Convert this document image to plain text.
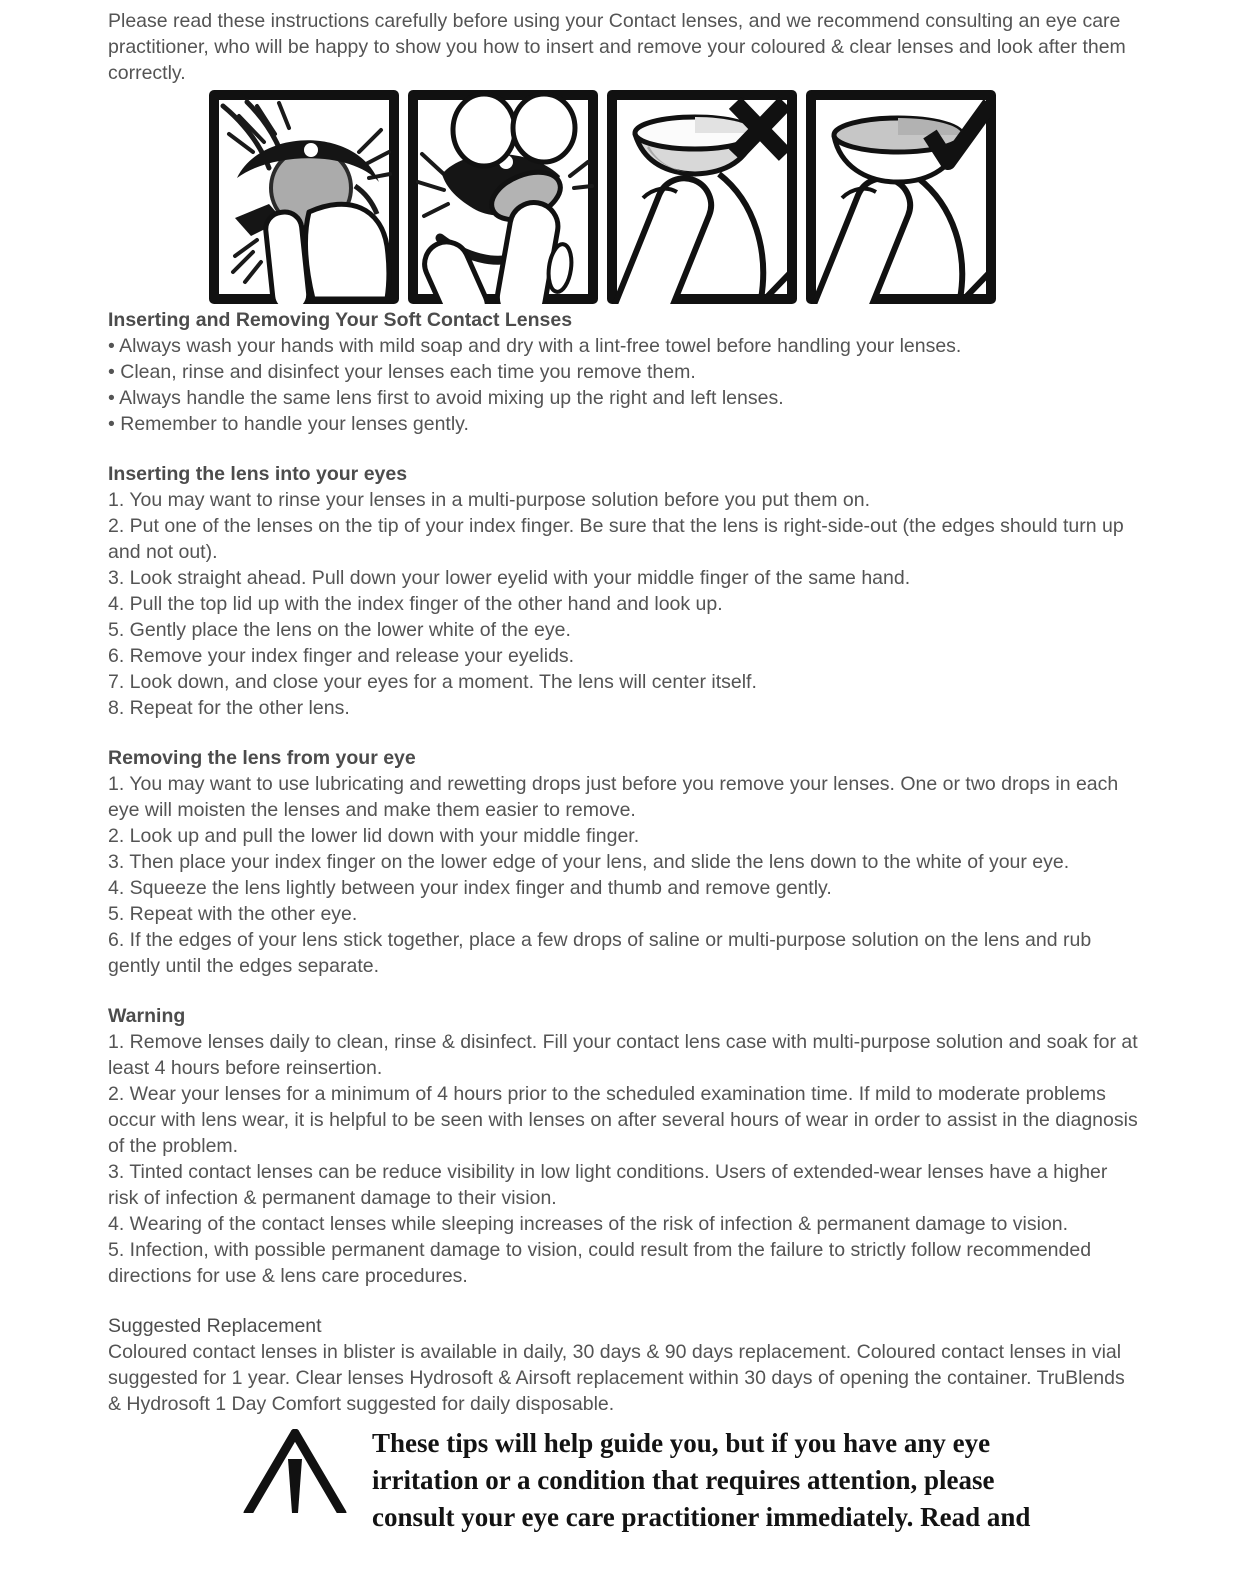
Please read these instructions carefully before using your Contact lenses, and we recommend consulting an eye care practitioner, who will be happy to show you how to insert and remove your coloured & clear lenses and look after them correctly.

Inserting and Removing Your Soft Contact Lenses

• Always wash your hands with mild soap and dry with a lint-free towel before handling your lenses.
• Clean, rinse and disinfect your lenses each time you remove them.
• Always handle the same lens first to avoid mixing up the right and left lenses.
• Remember to handle your lenses gently.

Inserting the lens into your eyes

1. You may want to rinse your lenses in a multi-purpose solution before you put them on.
2. Put one of the lenses on the tip of your index finger. Be sure that the lens is right-side-out (the edges should turn up and not out).
3. Look straight ahead. Pull down your lower eyelid with your middle finger of the same hand.
4. Pull the top lid up with the index finger of the other hand and look up.
5. Gently place the lens on the lower white of the eye.
6. Remove your index finger and release your eyelids.
7. Look down, and close your eyes for a moment. The lens will center itself.
8. Repeat for the other lens.

Removing the lens from your eye

1. You may want to use lubricating and rewetting drops just before you remove your lenses. One or two drops in each eye will moisten the lenses and make them easier to remove.
2. Look up and pull the lower lid down with your middle finger.
3. Then place your index finger on the lower edge of your lens, and slide the lens down to the white of your eye.
4. Squeeze the lens lightly between your index finger and thumb and remove gently.
5. Repeat with the other eye.
6. If the edges of your lens stick together, place a few drops of saline or multi-purpose solution on the lens and rub gently until the edges separate.

Warning

1. Remove lenses daily to clean, rinse & disinfect. Fill your contact lens case with multi-purpose solution and soak for at least 4 hours before reinsertion.
2. Wear your lenses for a minimum of 4 hours prior to the scheduled examination time. If mild to moderate problems occur with lens wear, it is helpful to be seen with lenses on after several hours of wear in order to assist in the diagnosis of the problem.
3. Tinted contact lenses can be reduce visibility in low light conditions. Users of extended-wear lenses have a higher risk of infection & permanent damage to their vision.
4. Wearing of the contact lenses while sleeping increases of the risk of infection & permanent damage to vision.
5. Infection, with possible permanent damage to vision, could result from the failure to strictly follow recommended directions for use & lens care procedures.

Suggested Replacement

Coloured contact lenses in blister is available in daily, 30 days & 90 days replacement. Coloured contact lenses in vial suggested for 1 year. Clear lenses Hydrosoft & Airsoft replacement within 30 days of opening the container. TruBlends & Hydrosoft 1 Day Comfort suggested for daily disposable.
These tips will help guide you, but if you have any eye
irritation or a condition that requires attention, please
consult your eye care practitioner immediately. Read and
